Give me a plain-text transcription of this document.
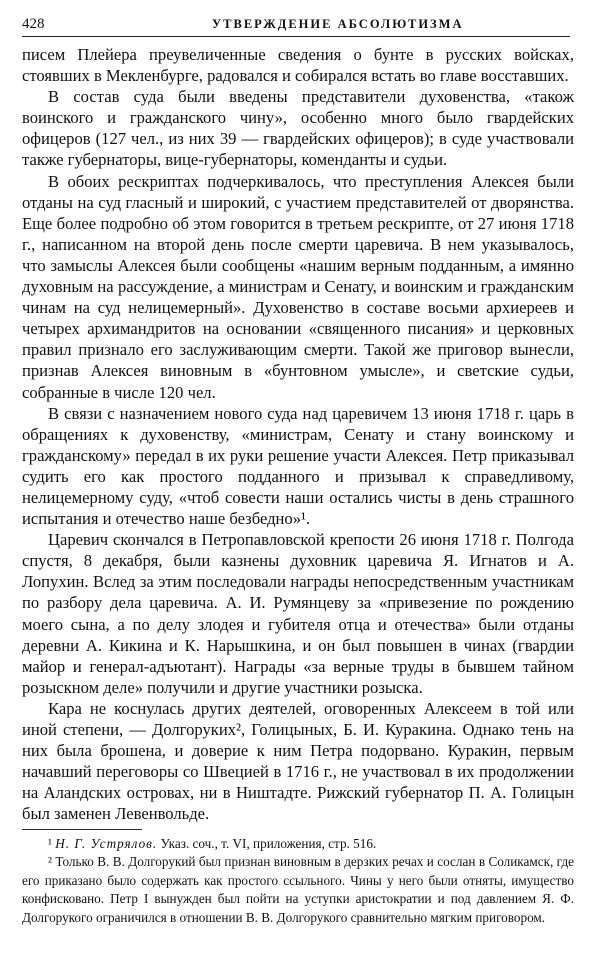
428	УТВЕРЖДЕНИЕ АБСОЛЮТИЗМА

писем Плейера преувеличенные сведения о бунте в русских войсках, стоявших в Мекленбурге, радовался и собирался встать во главе восставших.

В состав суда были введены представители духовенства, «також воинского и гражданского чину», особенно много было гвардейских офицеров (127 чел., из них 39 — гвардейских офицеров); в суде участвовали также губернаторы, вице-губернаторы, коменданты и судьи.

В обоих рескриптах подчеркивалось, что преступления Алексея были отданы на суд гласный и широкий, с участием представителей от дворянства. Еще более подробно об этом говорится в третьем рескрипте, от 27 июня 1718 г., написанном на второй день после смерти царевича. В нем указывалось, что замыслы Алексея были сообщены «нашим верным подданным, а имянно духовным на рассуждение, а министрам и Сенату, и воинским и гражданским чинам на суд нелицемерный». Духовенство в составе восьми архиереев и четырех архимандритов на основании «священного писания» и церковных правил признало его заслуживающим смерти. Такой же приговор вынесли, признав Алексея виновным в «бунтовном умысле», и светские судьи, собранные в числе 120 чел.

В связи с назначением нового суда над царевичем 13 июня 1718 г. царь в обращениях к духовенству, «министрам, Сенату и стану воинскому и гражданскому» передал в их руки решение участи Алексея. Петр приказывал судить его как простого подданного и призывал к справедливому, нелицемерному суду, «чтоб совести наши остались чисты в день страшного испытания и отечество наше безбедно»¹.

Царевич скончался в Петропавловской крепости 26 июня 1718 г. Полгода спустя, 8 декабря, были казнены духовник царевича Я. Игнатов и А. Лопухин. Вслед за этим последовали награды непосредственным участникам по разбору дела царевича. А. И. Румянцеву за «привезение по рождению моего сына, а по делу злодея и губителя отца и отечества» были отданы деревни А. Кикина и К. Нарышкина, и он был повышен в чинах (гвардии майор и генерал-адъютант). Награды «за верные труды в бывшем тайном розыскном деле» получили и другие участники розыска.

Кара не коснулась других деятелей, оговоренных Алексеем в той или иной степени, — Долгоруких², Голицыных, Б. И. Куракина. Однако тень на них была брошена, и доверие к ним Петра подорвано. Куракин, первым начавший переговоры со Швецией в 1716 г., не участвовал в их продолжении на Аландских островах, ни в Ништадте. Рижский губернатор П. А. Голицын был заменен Левенвольде.

¹ Н. Г. Устрялов. Указ. соч., т. VI, приложения, стр. 516.

² Только В. В. Долгорукий был признан виновным в дерзких речах и сослан в Соликамск, где его приказано было содержать как простого ссыльного. Чины у него были отняты, имущество конфисковано. Петр I вынужден был пойти на уступки аристократии и под давлением Я. Ф. Долгорукого ограничился в отношении В. В. Долгорукого сравнительно мягким приговором.
